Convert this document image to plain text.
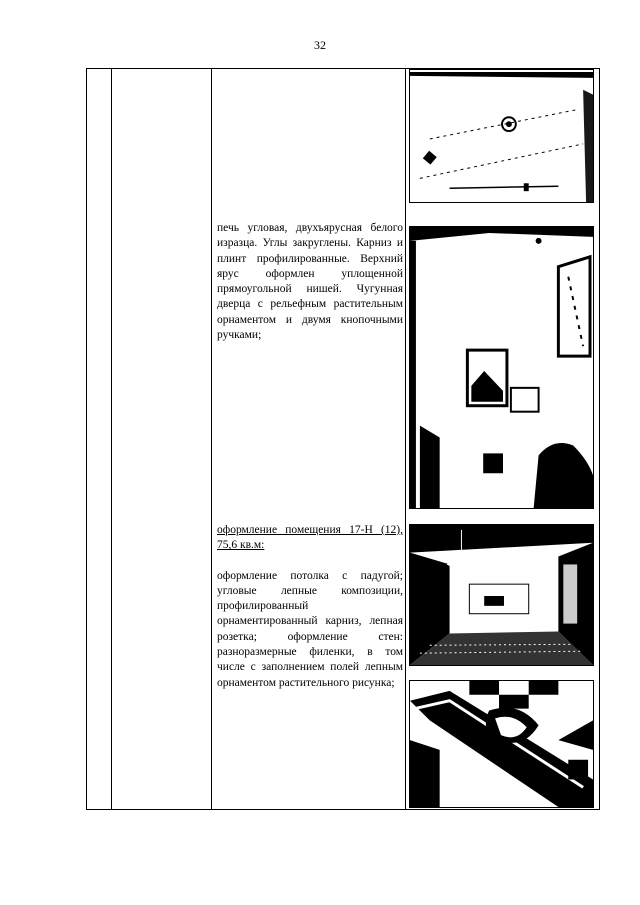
32
печь угловая, двухъярусная белого изразца. Углы закруглены. Карниз и плинт профилированные. Верхний ярус оформлен уплощенной прямоугольной нишей. Чугунная дверца с рельефным растительным орнаментом и двумя кнопочными ручками;

оформление помещения 17-Н (12), 75,6 кв.м:

оформление потолка с падугой; угловые лепные композиции, профилированный орнаментированный карниз, лепная розетка; оформление стен: разноразмерные филенки, в том числе с заполнением полей лепным орнаментом растительного рисунка;
